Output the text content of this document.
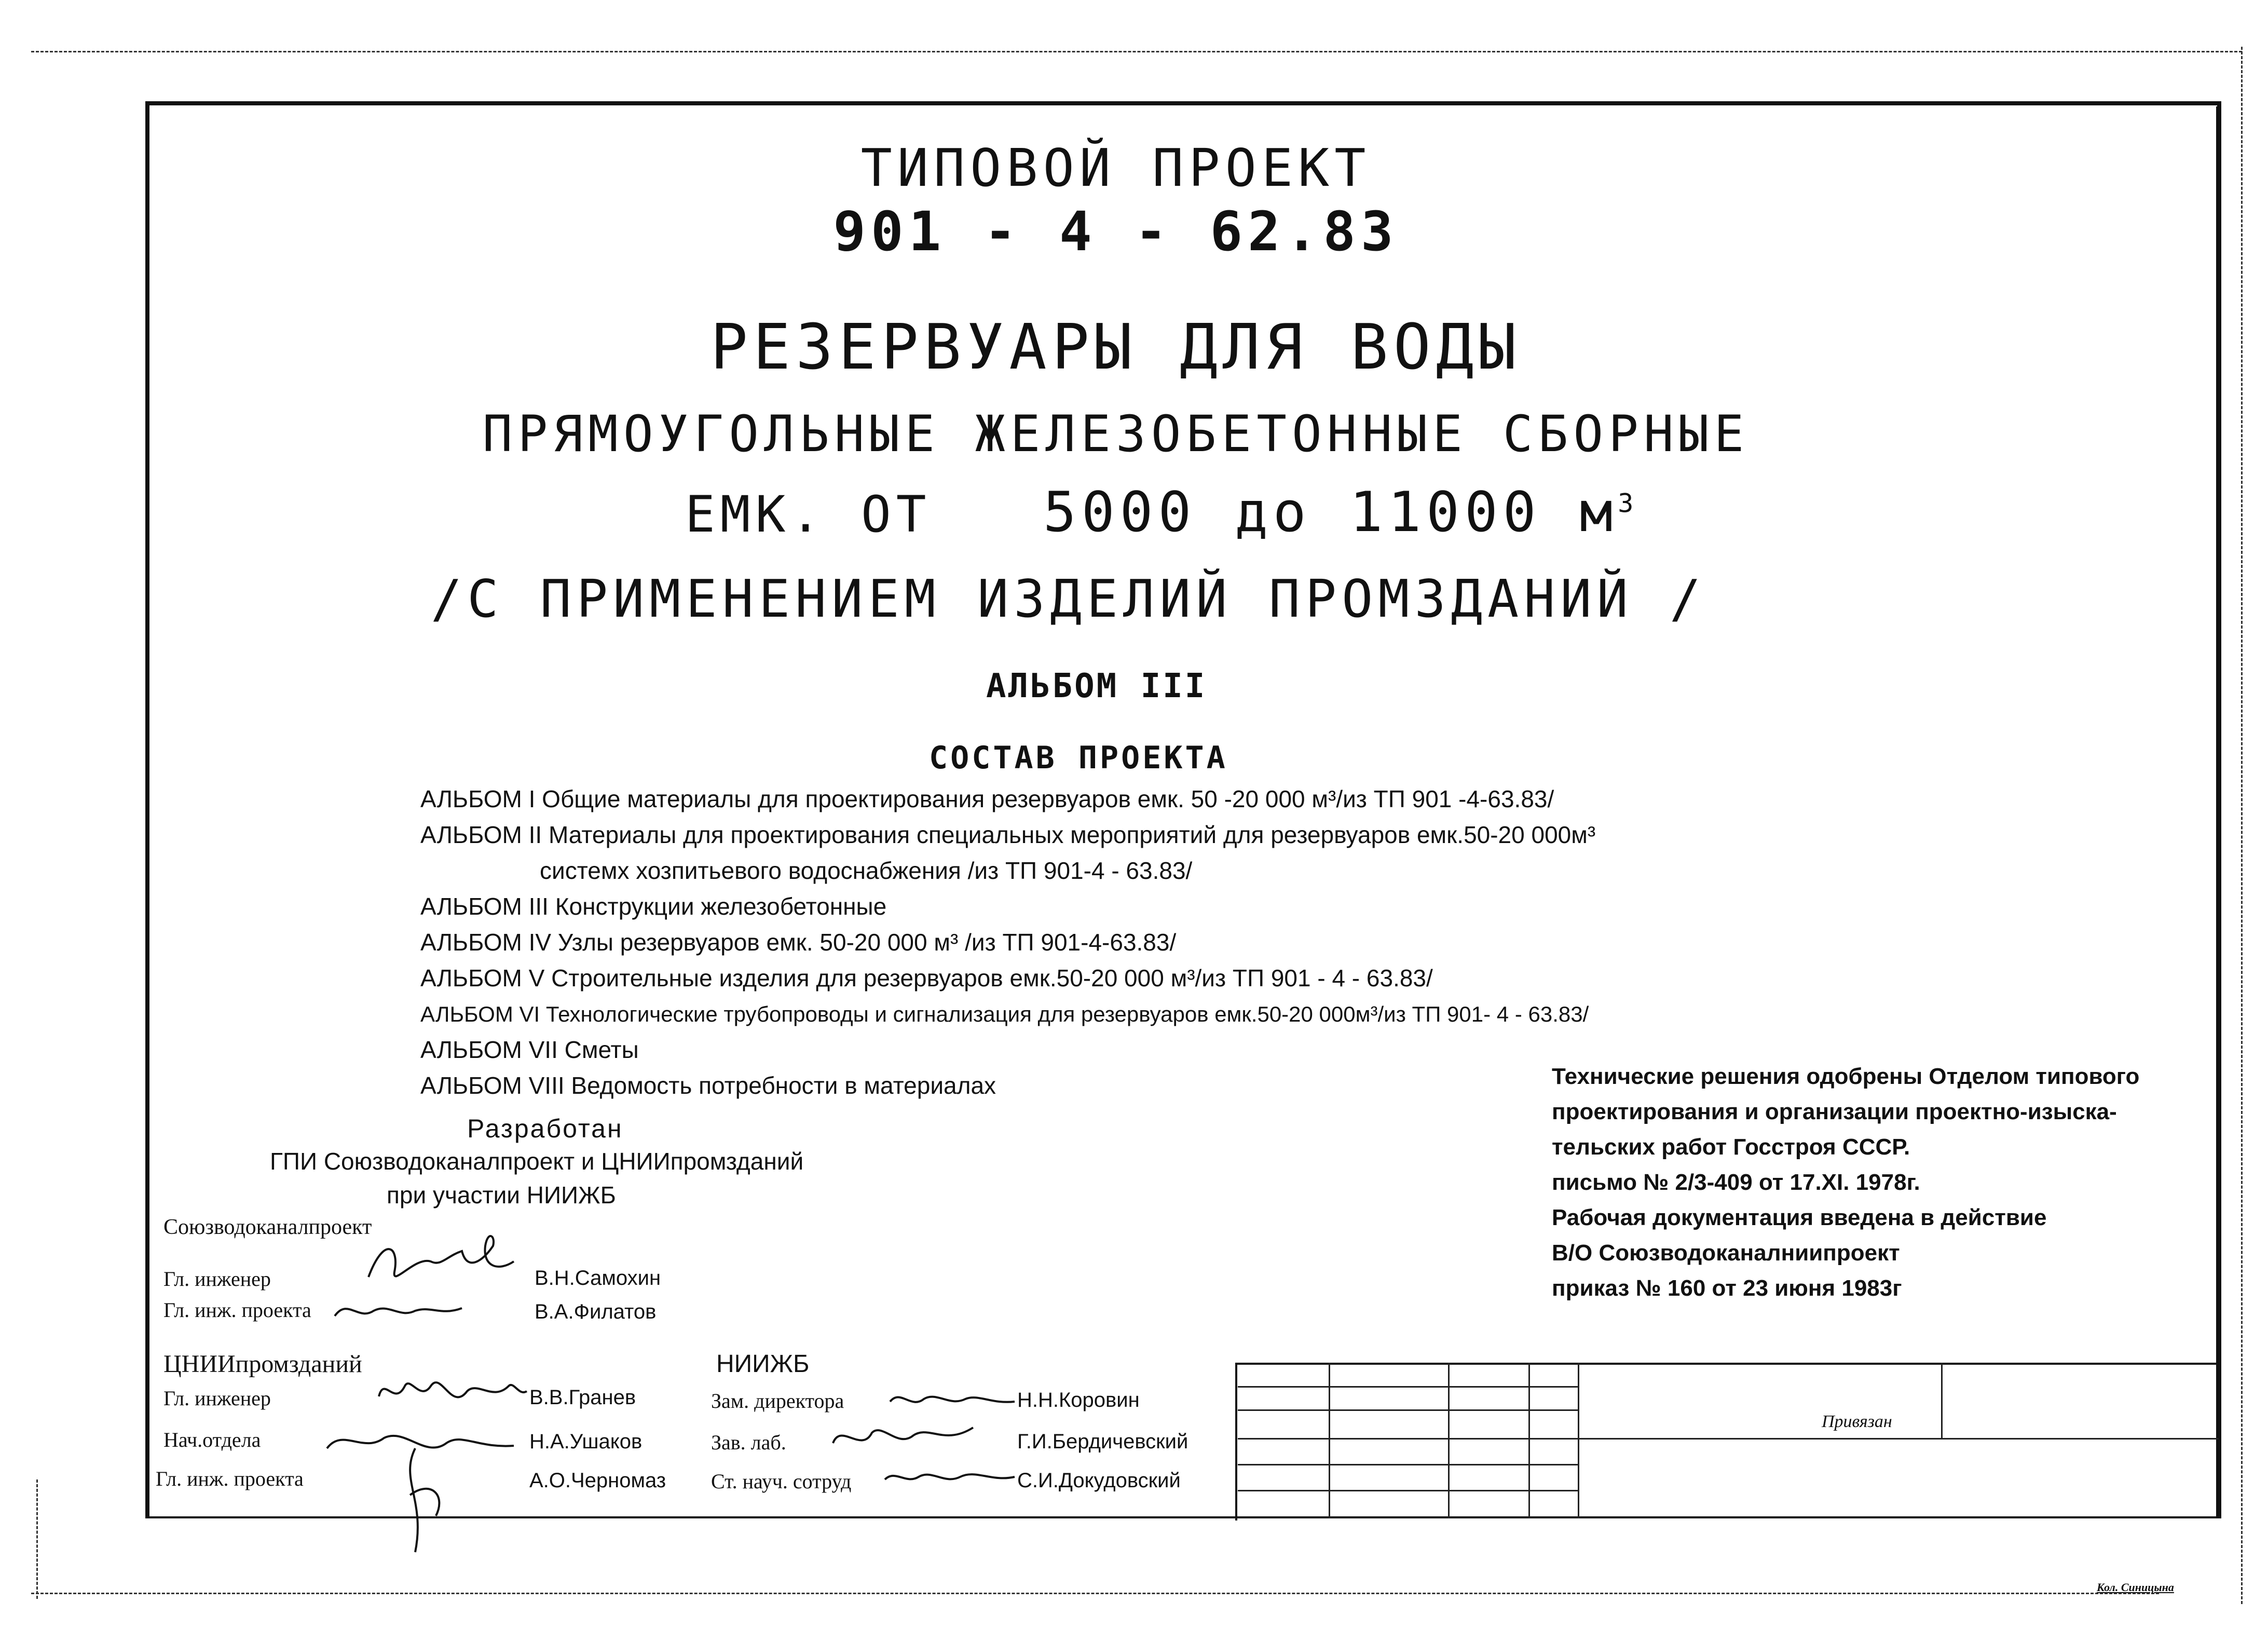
ТИПОВОЙ ПРОЕКТ
901 - 4 - 62.83
РЕЗЕРВУАРЫ ДЛЯ ВОДЫ
ПРЯМОУГОЛЬНЫЕ ЖЕЛЕЗОБЕТОННЫЕ СБОРНЫЕ
ЕМК. ОТ 5000 до 11000 $м^3$
/С ПРИМЕНЕНИЕМ ИЗДЕЛИЙ ПРОМЗДАНИЙ /
АЛЬБОМ III
СОСТАВ ПРОЕКТА
АЛЬБОМ I Общие материалы для проектирования резервуаров емк. 50 -20 000 м³/из ТП 901 -4-63.83/
АЛЬБОМ II Материалы для проектирования специальных мероприятий для резервуаров емк.50-20 000м³
системх хозпитьевого водоснабжения /из ТП 901-4 - 63.83/
АЛЬБОМ III Конструкции железобетонные
АЛЬБОМ IV Узлы резервуаров емк. 50-20 000 м³ /из ТП 901-4-63.83/
АЛЬБОМ V Строительные изделия для резервуаров емк.50-20 000 м³/из ТП 901 - 4 - 63.83/
АЛЬБОМ VI Технологические трубопроводы и сигнализация для резервуаров емк.50-20 000м³/из ТП 901- 4 - 63.83/
АЛЬБОМ VII Сметы
АЛЬБОМ VIII Ведомость потребности в материалах	Технические решения одобрены Отделом типового
проектирования и организации проектно-изыска-
тельских работ Госстроя СССР.
письмо № 2/3-409 от 17.XI. 1978г.
Рабочая документация введена в действие
В/О Союзводоканалниипроект
приказ № 160 от 23 июня 1983г
Разработан
ГПИ Союзводоканалпроект и ЦНИИпромзданий
при участии НИИЖБ
Союзводоканалпроект
Гл. инженер	В.Н.Самохин
Гл. инж. проекта	В.А.Филатов
ЦНИИпромзданий
Гл. инженер	В.В.Гранев
Нач.отдела	Н.А.Ушаков
Гл. инж. проекта	А.О.Черномаз
НИИЖБ
Зам. директора	Н.Н.Коровин
Зав. лаб.	Г.И.Бердичевский
Ст. науч. сотруд	С.И.Докудовский
Привязан
Кол. Синицына
